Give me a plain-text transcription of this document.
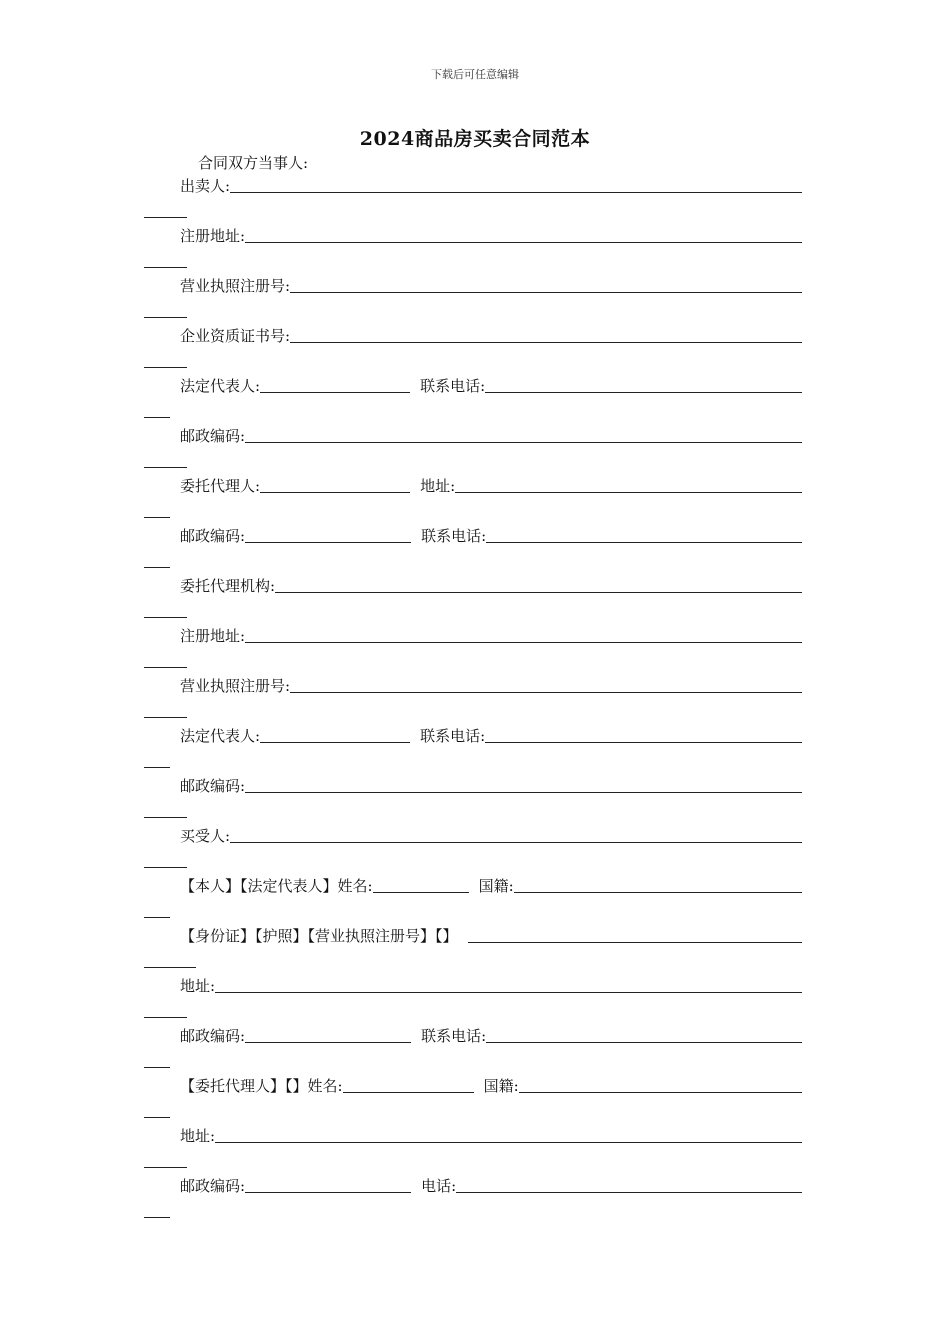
下载后可任意编辑
2024商品房买卖合同范本
合同双方当事人:
出卖人:
注册地址:
营业执照注册号:
企业资质证书号:
法定代表人:	联系电话:
邮政编码:
委托代理人:	地址:
邮政编码:	联系电话:
委托代理机构:
注册地址:
营业执照注册号:
法定代表人:	联系电话:
邮政编码:
买受人:
【本人】【法定代表人】姓名:	国籍:
【身份证】【护照】【营业执照注册号】【】
地址:
邮政编码:	联系电话:
【委托代理人】【】姓名:	国籍:
地址:
邮政编码:	电话:
